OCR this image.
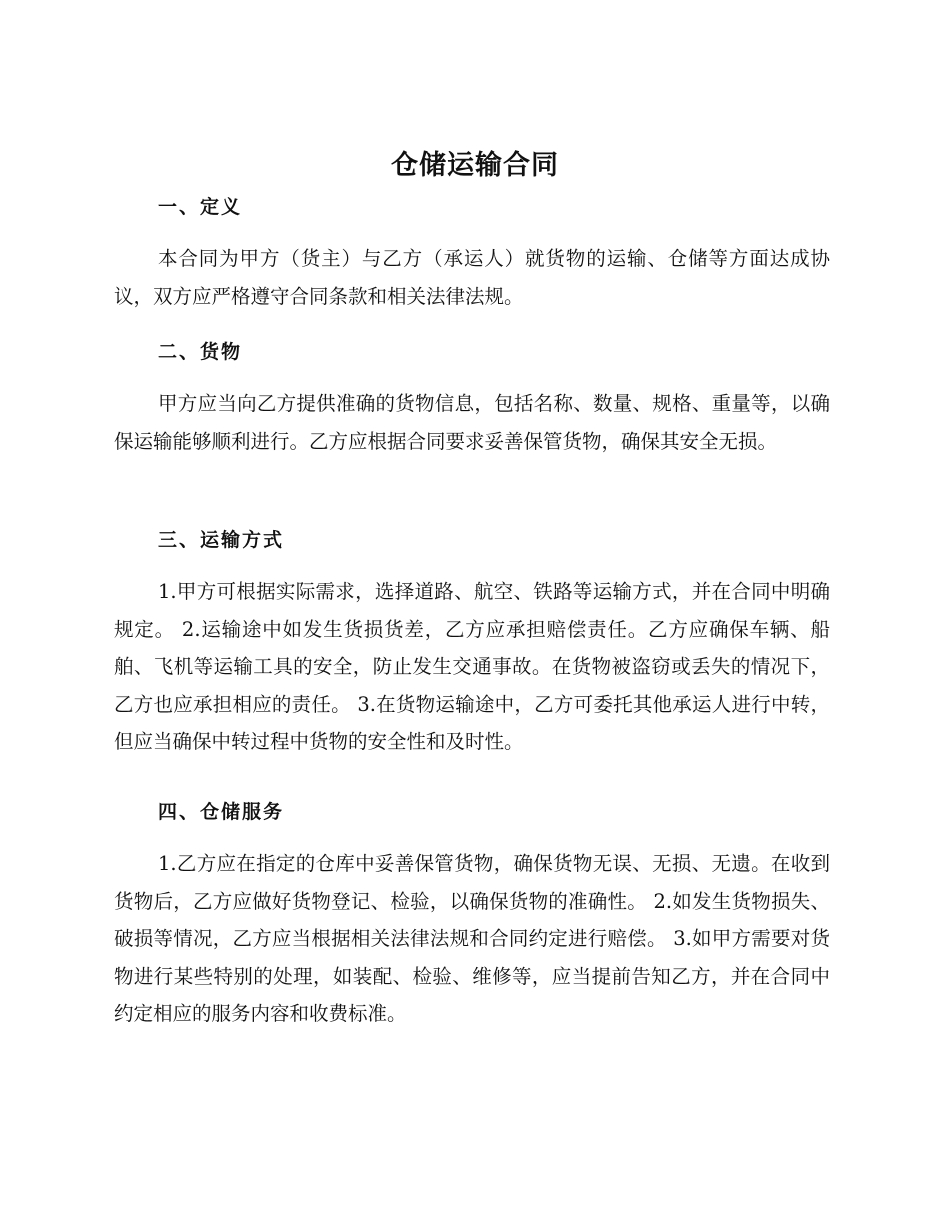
仓储运输合同
一、定义

本合同为甲方（货主）与乙方（承运人）就货物的运输、仓储等方面达成协议，双方应严格遵守合同条款和相关法律法规。

二、货物

甲方应当向乙方提供准确的货物信息，包括名称、数量、规格、重量等，以确保运输能够顺利进行。乙方应根据合同要求妥善保管货物，确保其安全无损。

三、运输方式

1.甲方可根据实际需求，选择道路、航空、铁路等运输方式，并在合同中明确规定。 2.运输途中如发生货损货差，乙方应承担赔偿责任。乙方应确保车辆、船舶、飞机等运输工具的安全，防止发生交通事故。在货物被盗窃或丢失的情况下，乙方也应承担相应的责任。 3.在货物运输途中，乙方可委托其他承运人进行中转，但应当确保中转过程中货物的安全性和及时性。

四、仓储服务

1.乙方应在指定的仓库中妥善保管货物，确保货物无误、无损、无遗。在收到货物后，乙方应做好货物登记、检验，以确保货物的准确性。 2.如发生货物损失、破损等情况，乙方应当根据相关法律法规和合同约定进行赔偿。 3.如甲方需要对货物进行某些特别的处理，如装配、检验、维修等，应当提前告知乙方，并在合同中约定相应的服务内容和收费标准。
